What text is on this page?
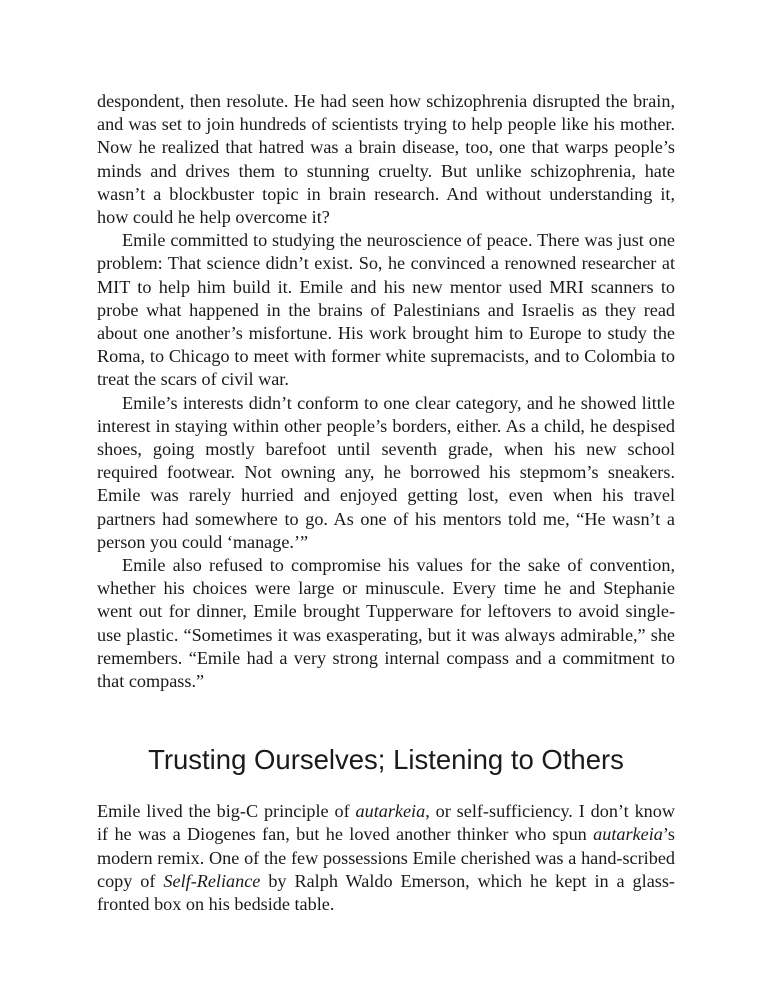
despondent, then resolute. He had seen how schizophrenia disrupted the brain, and was set to join hundreds of scientists trying to help people like his mother. Now he realized that hatred was a brain disease, too, one that warps people’s minds and drives them to stunning cruelty. But unlike schizophrenia, hate wasn’t a blockbuster topic in brain research. And without understanding it, how could he help overcome it?

Emile committed to studying the neuroscience of peace. There was just one problem: That science didn’t exist. So, he convinced a renowned researcher at MIT to help him build it. Emile and his new mentor used MRI scanners to probe what happened in the brains of Palestinians and Israelis as they read about one another’s misfortune. His work brought him to Europe to study the Roma, to Chicago to meet with former white supremacists, and to Colombia to treat the scars of civil war.

Emile’s interests didn’t conform to one clear category, and he showed little interest in staying within other people’s borders, either. As a child, he despised shoes, going mostly barefoot until seventh grade, when his new school required footwear. Not owning any, he borrowed his stepmom’s sneakers. Emile was rarely hurried and enjoyed getting lost, even when his travel partners had somewhere to go. As one of his mentors told me, “He wasn’t a person you could ‘manage.’”

Emile also refused to compromise his values for the sake of convention, whether his choices were large or minuscule. Every time he and Stephanie went out for dinner, Emile brought Tupperware for leftovers to avoid single-use plastic. “Sometimes it was exasperating, but it was always admirable,” she remembers. “Emile had a very strong internal compass and a commitment to that compass.”

Trusting Ourselves; Listening to Others

Emile lived the big-C principle of autarkeia, or self-sufficiency. I don’t know if he was a Diogenes fan, but he loved another thinker who spun autarkeia’s modern remix. One of the few possessions Emile cherished was a hand-scribed copy of Self-Reliance by Ralph Waldo Emerson, which he kept in a glass-fronted box on his bedside table.
